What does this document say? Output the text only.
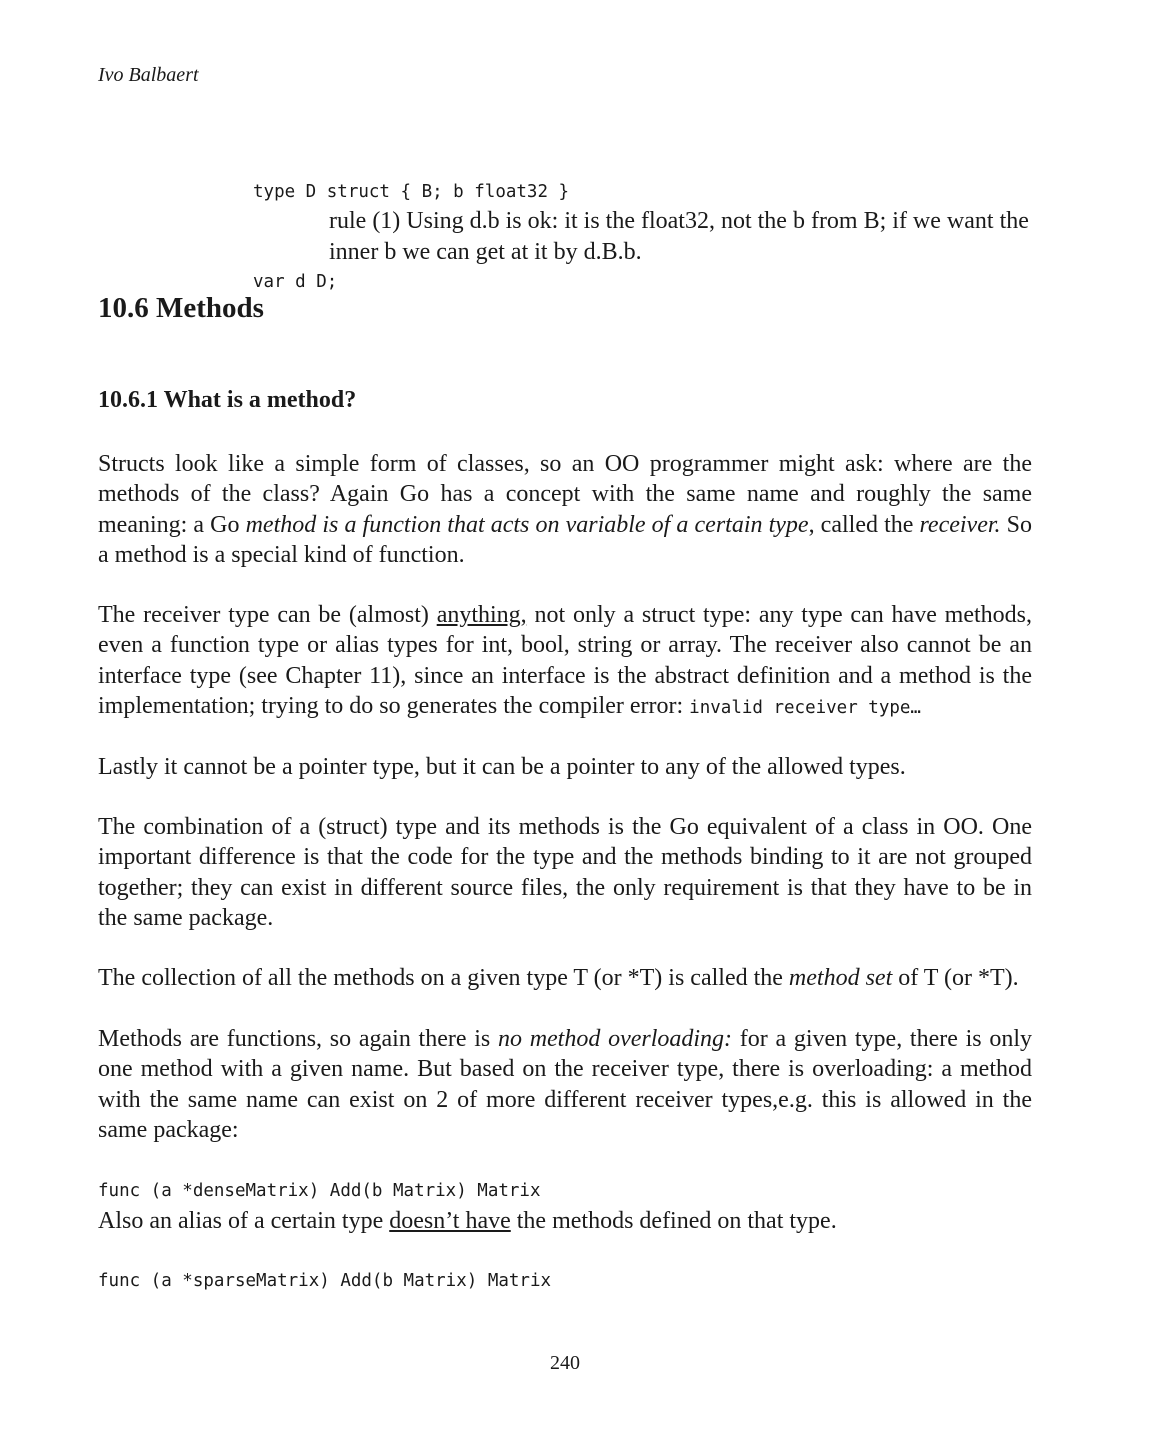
Ivo Balbaert

type D struct { B; b float32 }

var d D;

rule (1) Using d.b is ok: it is the float32, not the b from B; if we want the inner b we can get at it by d.B.b.

10.6 Methods
10.6.1 What is a method?

Structs look like a simple form of classes, so an OO programmer might ask: where are the methods of the class? Again Go has a concept with the same name and roughly the same meaning: a Go method is a function that acts on variable of a certain type, called the receiver. So a method is a special kind of function.

The receiver type can be (almost) anything, not only a struct type: any type can have methods, even a function type or alias types for int, bool, string or array. The receiver also cannot be an interface type (see Chapter 11), since an interface is the abstract definition and a method is the implementation; trying to do so generates the compiler error: invalid receiver type…

Lastly it cannot be a pointer type, but it can be a pointer to any of the allowed types.

The combination of a (struct) type and its methods is the Go equivalent of a class in OO. One important difference is that the code for the type and the methods binding to it are not grouped together; they can exist in different source files, the only requirement is that they have to be in the same package.

The collection of all the methods on a given type T (or *T) is called the method set of T (or *T).

Methods are functions, so again there is no method overloading: for a given type, there is only one method with a given name. But based on the receiver type, there is overloading: a method with the same name can exist on 2 of more different receiver types,e.g. this is allowed in the same package:

func (a *denseMatrix) Add(b Matrix) Matrix

func (a *sparseMatrix) Add(b Matrix) Matrix

Also an alias of a certain type doesn’t have the methods defined on that type.

240
